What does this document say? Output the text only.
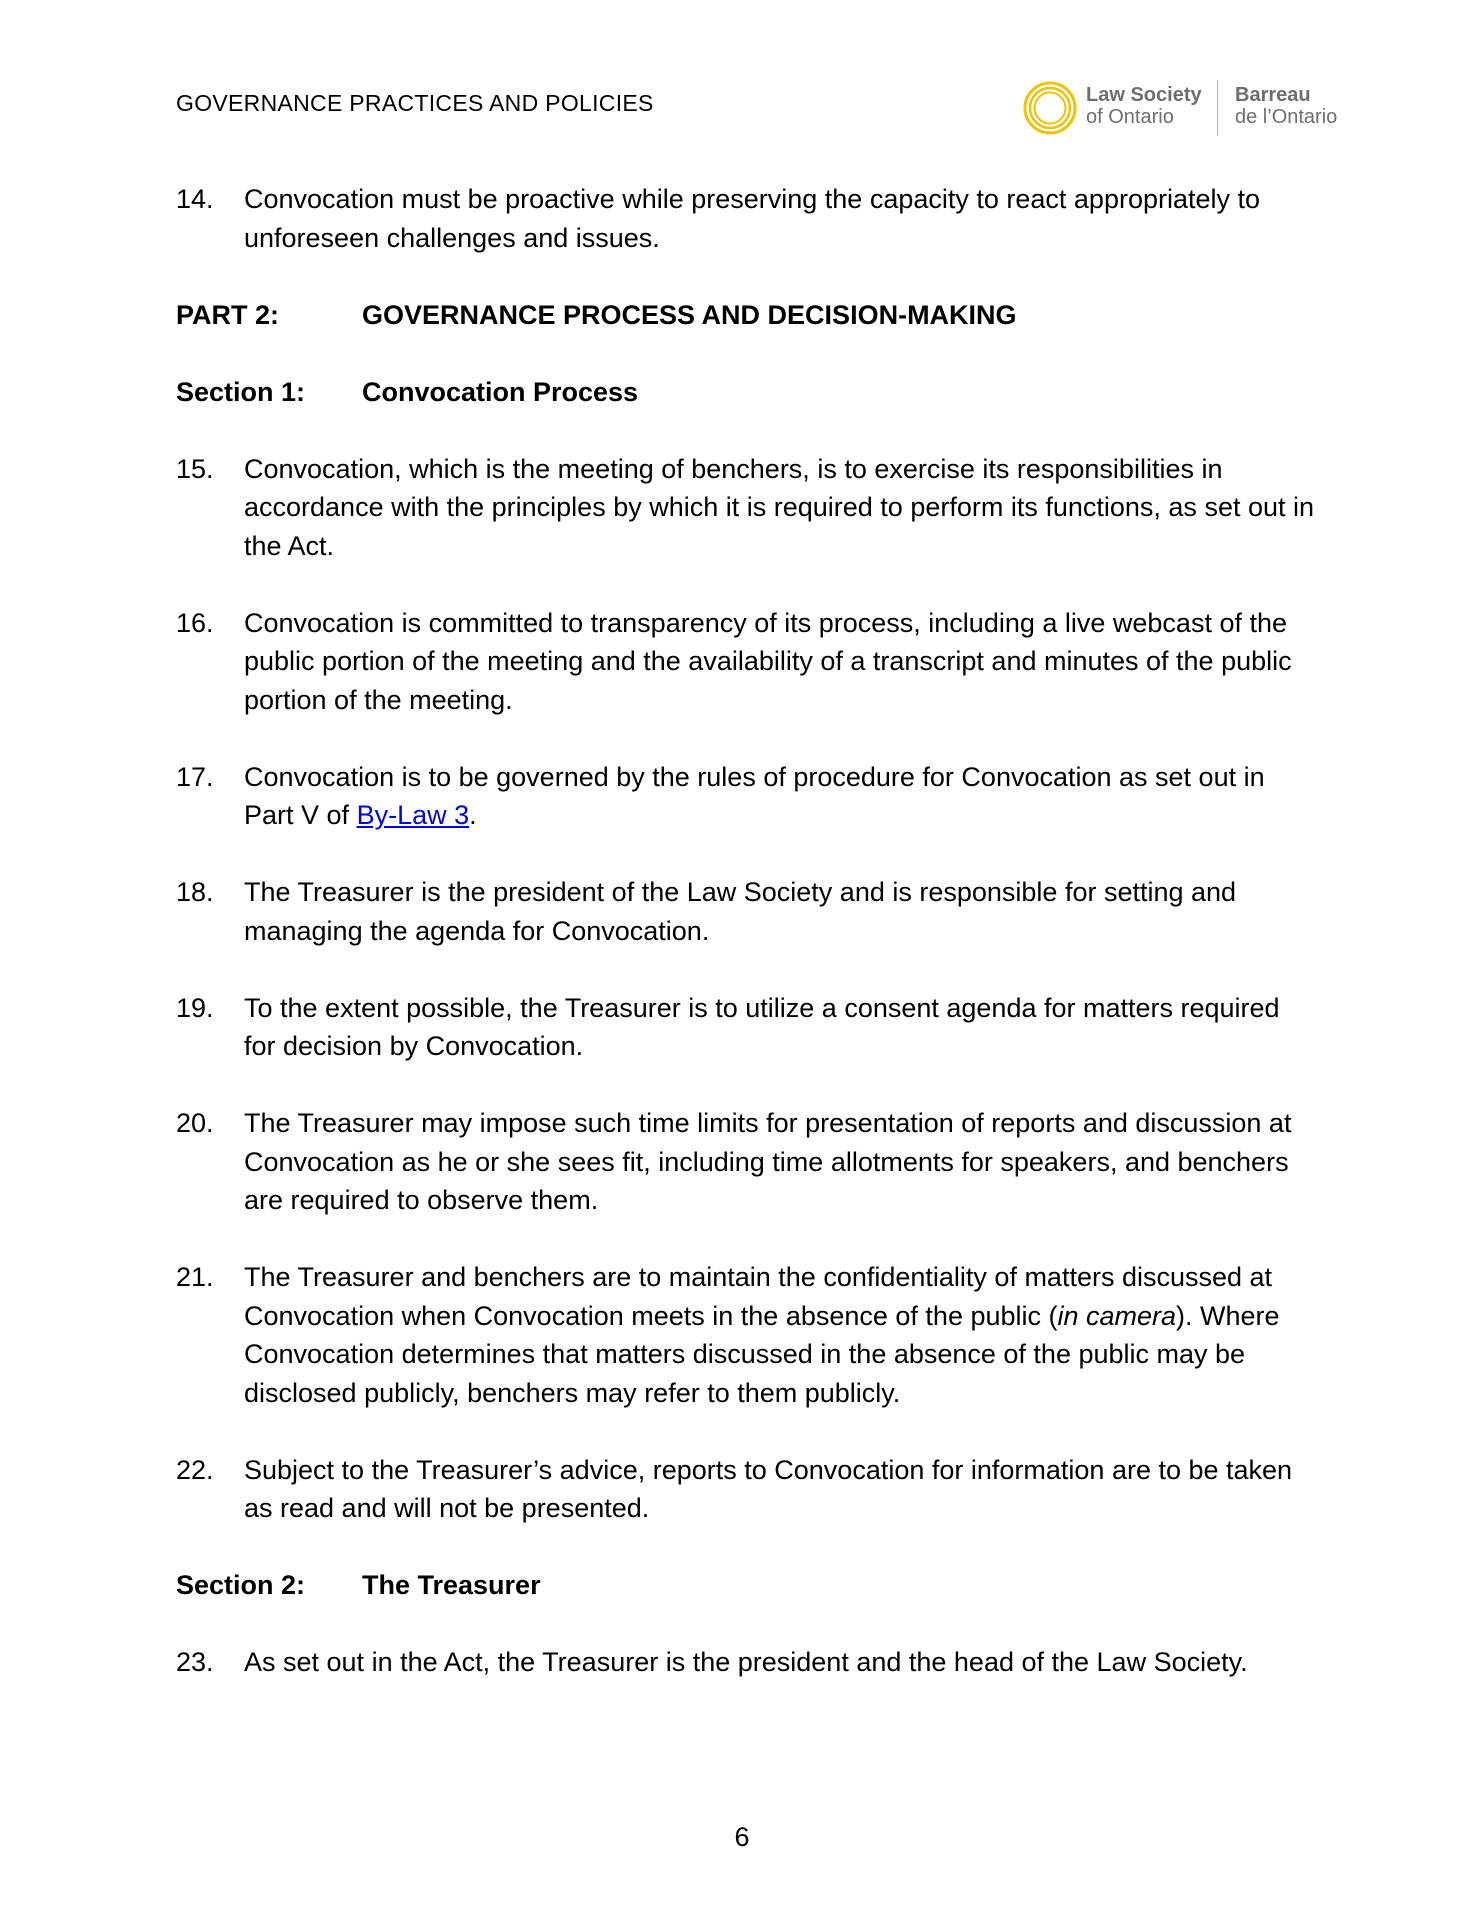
GOVERNANCE PRACTICES AND POLICIES	Law Society
of Ontario
Barreau
de l’Ontario
14.	Convocation must be proactive while preserving the capacity to react appropriately to unforeseen challenges and issues.
PART 2:	GOVERNANCE PROCESS AND DECISION-MAKING
Section 1:	Convocation Process
15.	Convocation, which is the meeting of benchers, is to exercise its responsibilities in accordance with the principles by which it is required to perform its functions, as set out in the Act.
16.	Convocation is committed to transparency of its process, including a live webcast of the public portion of the meeting and the availability of a transcript and minutes of the public portion of the meeting.
17.	Convocation is to be governed by the rules of procedure for Convocation as set out in Part V of By-Law 3.
18.	The Treasurer is the president of the Law Society and is responsible for setting and managing the agenda for Convocation.
19.	To the extent possible, the Treasurer is to utilize a consent agenda for matters required for decision by Convocation.
20.	The Treasurer may impose such time limits for presentation of reports and discussion at Convocation as he or she sees fit, including time allotments for speakers, and benchers are required to observe them.
21.	The Treasurer and benchers are to maintain the confidentiality of matters discussed at Convocation when Convocation meets in the absence of the public (in camera). Where Convocation determines that matters discussed in the absence of the public may be disclosed publicly, benchers may refer to them publicly.
22.	Subject to the Treasurer’s advice, reports to Convocation for information are to be taken as read and will not be presented.
Section 2:	The Treasurer
23.	As set out in the Act, the Treasurer is the president and the head of the Law Society.
6
